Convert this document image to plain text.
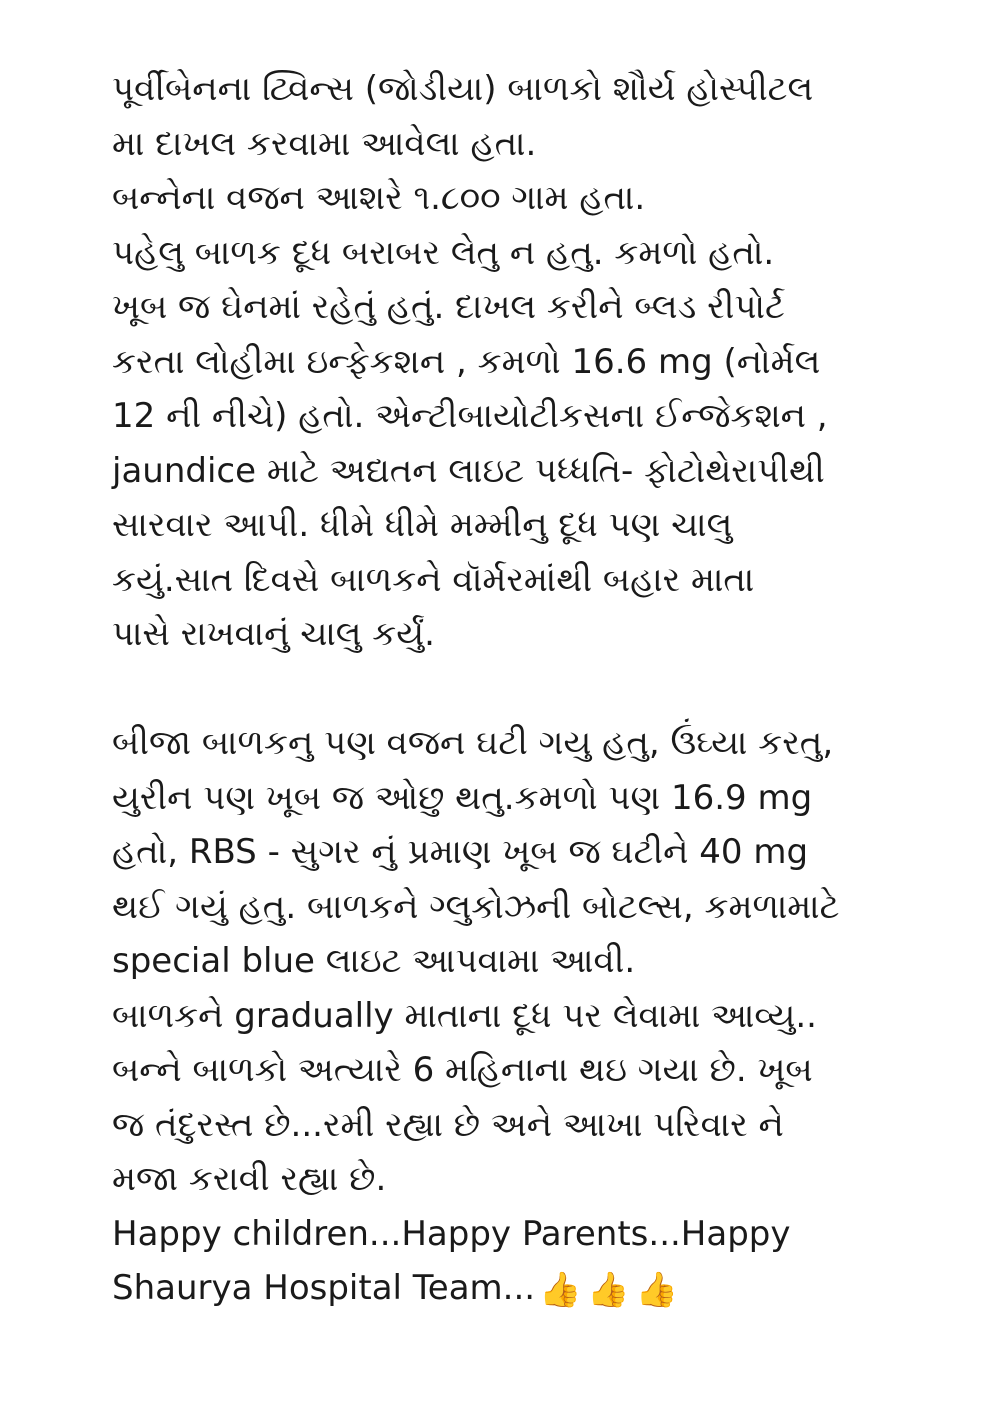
પૂર્વીબેનના ટ્વિન્સ (જોડીયા) બાળકો શૌર્ય હોસ્પીટલ
મા દાખલ કરવામા આવેલા હતા.
બન્નેના વજન આશરે ૧.૮૦૦ ગામ હતા.
પહેલુ બાળક દૂધ બરાબર લેતુ ન હતુ. કમળો હતો.
ખૂબ જ ઘેનમાં રહેતું હતું. દાખલ કરીને બ્લડ રીપોર્ટ
કરતા લોહીમા ઇન્ફેકશન , કમળો 16.6 mg (નોર્મલ
12 ની નીચે) હતો. એન્ટીબાયોટીકસના ઈન્જેકશન ,
jaundice માટે અદ્યતન લાઇટ પધ્ધતિ- ફોટોથેરાપીથી
સારવાર આપી. ધીમે ધીમે મમ્મીનુ દૂધ પણ ચાલુ
કયું.સાત દિવસે બાળકને વૉર્મરમાંથી બહાર માતા
પાસે રાખવાનું ચાલુ કર્યું.
બીજા બાળકનુ પણ વજન ઘટી ગયુ હતુ, ઉંઘ્યા કરતુ,
યુરીન પણ ખૂબ જ ઓછુ થતુ.કમળો પણ 16.9 mg
હતો, RBS - સુગર નું પ્રમાણ ખૂબ જ ઘટીને 40 mg
થઈ ગયું હતુ. બાળકને ગ્લુકોઝની બોટલ્સ, કમળામાટે
special blue લાઇટ આપવામા આવી.
બાળકને gradually માતાના દૂધ પર લેવામા આવ્યુ..
બન્ને બાળકો અત્યારે 6 મહિનાના થઇ ગયા છે. ખૂબ
જ તંદુરસ્ત છે...રમી રહ્યા છે અને આખા પરિવાર ને
મજા કરાવી રહ્યા છે.
Happy children...Happy Parents...Happy
Shaurya Hospital Team... 👍 👍 👍
